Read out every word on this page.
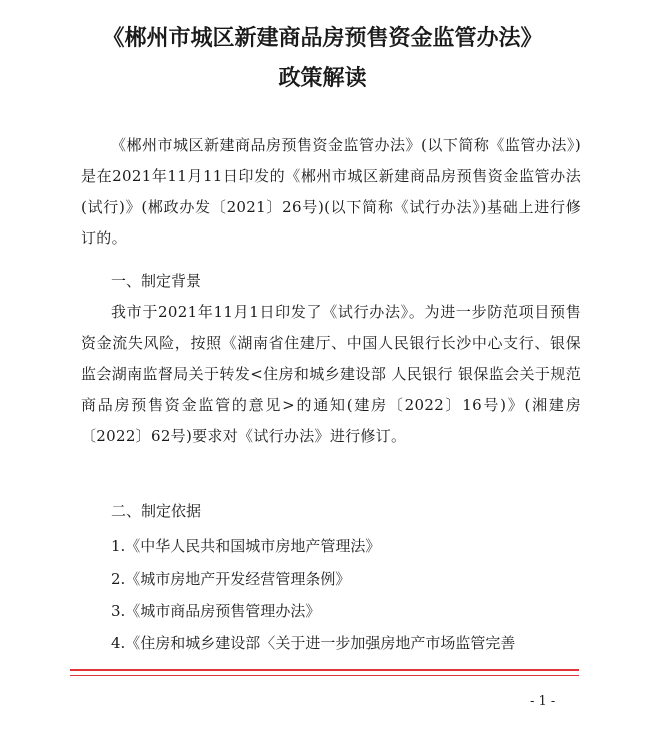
《郴州市城区新建商品房预售资金监管办法》
政策解读

《郴州市城区新建商品房预售资金监管办法》(以下简称《监管办法》) 是在2021年11月11日印发的《郴州市城区新建商品房预售资金监管办法(试行)》(郴政办发〔2021〕26号)(以下简称《试行办法》)基础上进行修订的。

一、制定背景

我市于2021年11月1日印发了《试行办法》。为进一步防范项目预售资金流失风险，按照《湖南省住建厅、中国人民银行长沙中心支行、银保监会湖南监督局关于转发<住房和城乡建设部 人民银行 银保监会关于规范商品房预售资金监管的意见>的通知(建房〔2022〕16号)》(湘建房〔2022〕62号)要求对《试行办法》进行修订。

二、制定依据
1.《中华人民共和国城市房地产管理法》
2.《城市房地产开发经营管理条例》
3.《城市商品房预售管理办法》
4.《住房和城乡建设部〈关于进一步加强房地产市场监管完善
- 1 -
